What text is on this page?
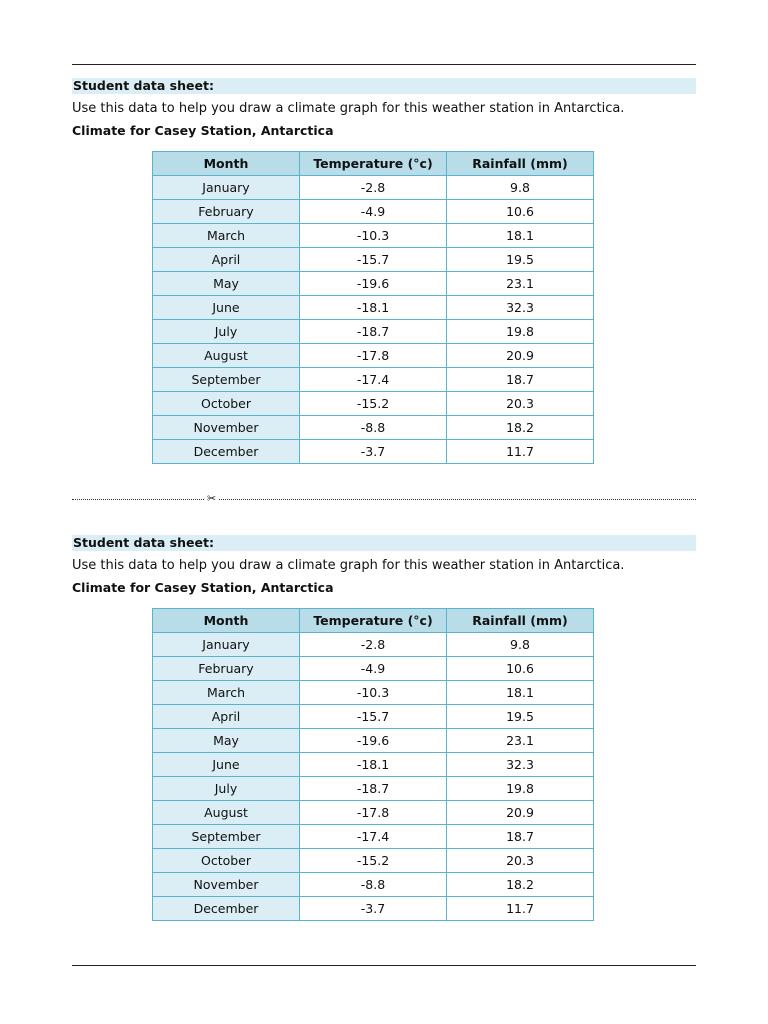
Student data sheet:
Use this data to help you draw a climate graph for this weather station in Antarctica.
Climate for Casey Station, Antarctica
Month	Temperature (°c)	Rainfall (mm)
January	-2.8	9.8
February	-4.9	10.6
March	-10.3	18.1
April	-15.7	19.5
May	-19.6	23.1
June	-18.1	32.3
July	-18.7	19.8
August	-17.8	20.9
September	-17.4	18.7
October	-15.2	20.3
November	-8.8	18.2
December	-3.7	11.7
✂
Student data sheet:
Use this data to help you draw a climate graph for this weather station in Antarctica.
Climate for Casey Station, Antarctica
Month	Temperature (°c)	Rainfall (mm)
January	-2.8	9.8
February	-4.9	10.6
March	-10.3	18.1
April	-15.7	19.5
May	-19.6	23.1
June	-18.1	32.3
July	-18.7	19.8
August	-17.8	20.9
September	-17.4	18.7
October	-15.2	20.3
November	-8.8	18.2
December	-3.7	11.7
